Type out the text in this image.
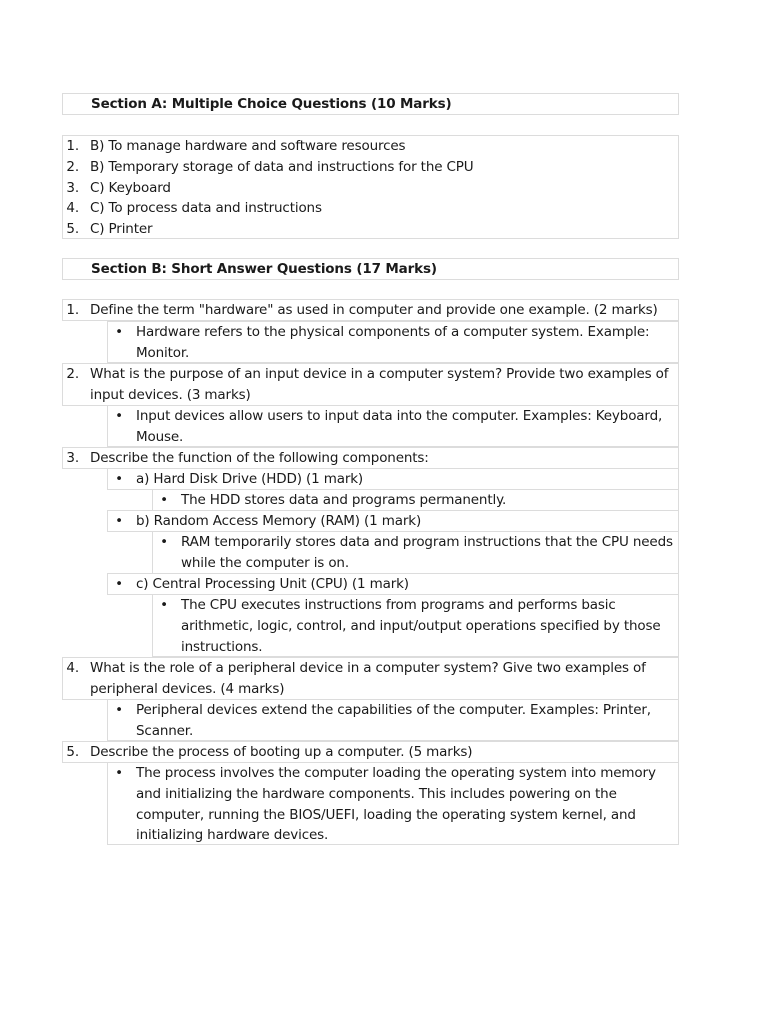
Section A: Multiple Choice Questions (10 Marks)
1. B) To manage hardware and software resources
2. B) Temporary storage of data and instructions for the CPU
3. C) Keyboard
4. C) To process data and instructions
5. C) Printer
Section B: Short Answer Questions (17 Marks)
1. Define the term "hardware" as used in computer and provide one example. (2 marks)
• Hardware refers to the physical components of a computer system. Example:
Monitor.
2. What is the purpose of an input device in a computer system? Provide two examples of
input devices. (3 marks)
• Input devices allow users to input data into the computer. Examples: Keyboard,
Mouse.
3. Describe the function of the following components:
• a) Hard Disk Drive (HDD) (1 mark)
• The HDD stores data and programs permanently.
• b) Random Access Memory (RAM) (1 mark)
• RAM temporarily stores data and program instructions that the CPU needs
while the computer is on.
• c) Central Processing Unit (CPU) (1 mark)
• The CPU executes instructions from programs and performs basic
arithmetic, logic, control, and input/output operations specified by those
instructions.
4. What is the role of a peripheral device in a computer system? Give two examples of
peripheral devices. (4 marks)
• Peripheral devices extend the capabilities of the computer. Examples: Printer,
Scanner.
5. Describe the process of booting up a computer. (5 marks)
• The process involves the computer loading the operating system into memory
and initializing the hardware components. This includes powering on the
computer, running the BIOS/UEFI, loading the operating system kernel, and
initializing hardware devices.
